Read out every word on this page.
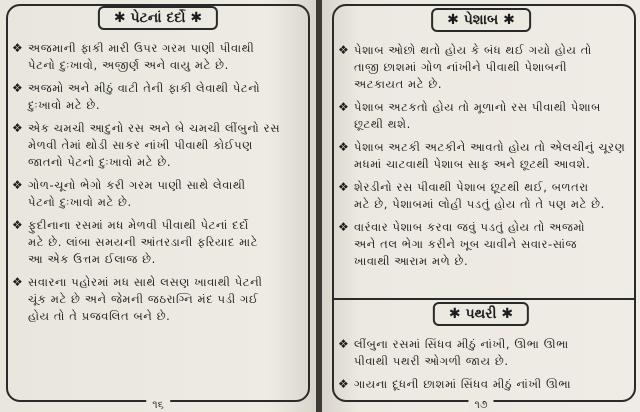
✱ પેટનાં દર્દો ✱
❖ અજમાની ફાકી મારી ઉપર ગરમ પાણી પીવાથી
પેટનો દુઃખાવો, અજીર્ણ અને વાયુ મટે છે.
❖ અજમો અને મીઠું વાટી તેની ફાકી લેવાથી પેટનો
દુઃખાવો મટે છે.
❖ એક ચમચી આદુનો રસ અને બે ચમચી લીંબુનો રસ
મેળવી તેમાં થોડી સાકર નાંખી પીવાથી કોઈપણ
જાતનો પેટનો દુઃખાવો મટે છે.
❖ ગોળ-ચૂનો ભેગો કરી ગરમ પાણી સાથે લેવાથી
પેટનો દુઃખાવો મટે છે.
❖ ફુદીનાના રસમાં મધ મેળવી પીવાથી પેટનાં દર્દો
મટે છે. લાંબા સમયની આંતરડાની ફરિયાદ માટે
આ એક ઉત્તમ ઈલાજ છે.
❖ સવારના પહોરમાં મધ સાથે લસણ ખાવાથી પેટની
ચૂંક મટે છે અને જેમની જઠરાગ્નિ મંદ પડી ગઈ
હોય તો તે પ્રજવલિત બને છે.
૧૬
✱ પેશાબ ✱
❖ પેશાબ ઓછો થતો હોય કે બંધ થઈ ગયો હોય તો
તાજી છાશમાં ગોળ નાંખીને પીવાથી પેશાબની
અટકાયત મટે છે.
❖ પેશાબ અટકતો હોય તો મૂળાનો રસ પીવાથી પેશાબ
છૂટથી થશે.
❖ પેશાબ અટકી અટકીને આવતો હોય તો એલચીનું ચૂરણ
મધમાં ચાટવાથી પેશાબ સાફ અને છૂટથી આવશે.
❖ શેરડીનો રસ પીવાથી પેશાબ છૂટથી થઈ, બળતરા
મટે છે, પેશાબમાં લોહી પડતું હોય તો તે પણ મટે છે.
❖ વારંવાર પેશાબ કરવા જવું પડતું હોય તો અજમો
અને તલ ભેગા કરીને ખૂબ ચાવીને સવાર-સાંજ
ખાવાથી આરામ મળે છે.
✱ પથરી ✱
❖ લીંબુના રસમાં સિંધવ મીઠું નાંખી, ઊભા ઊભા
પીવાથી પથરી ઓગળી જાય છે.
❖ ગાયના દૂધની છાશમાં સિંધવ મીઠું નાંખી ઊભા
૧૭
